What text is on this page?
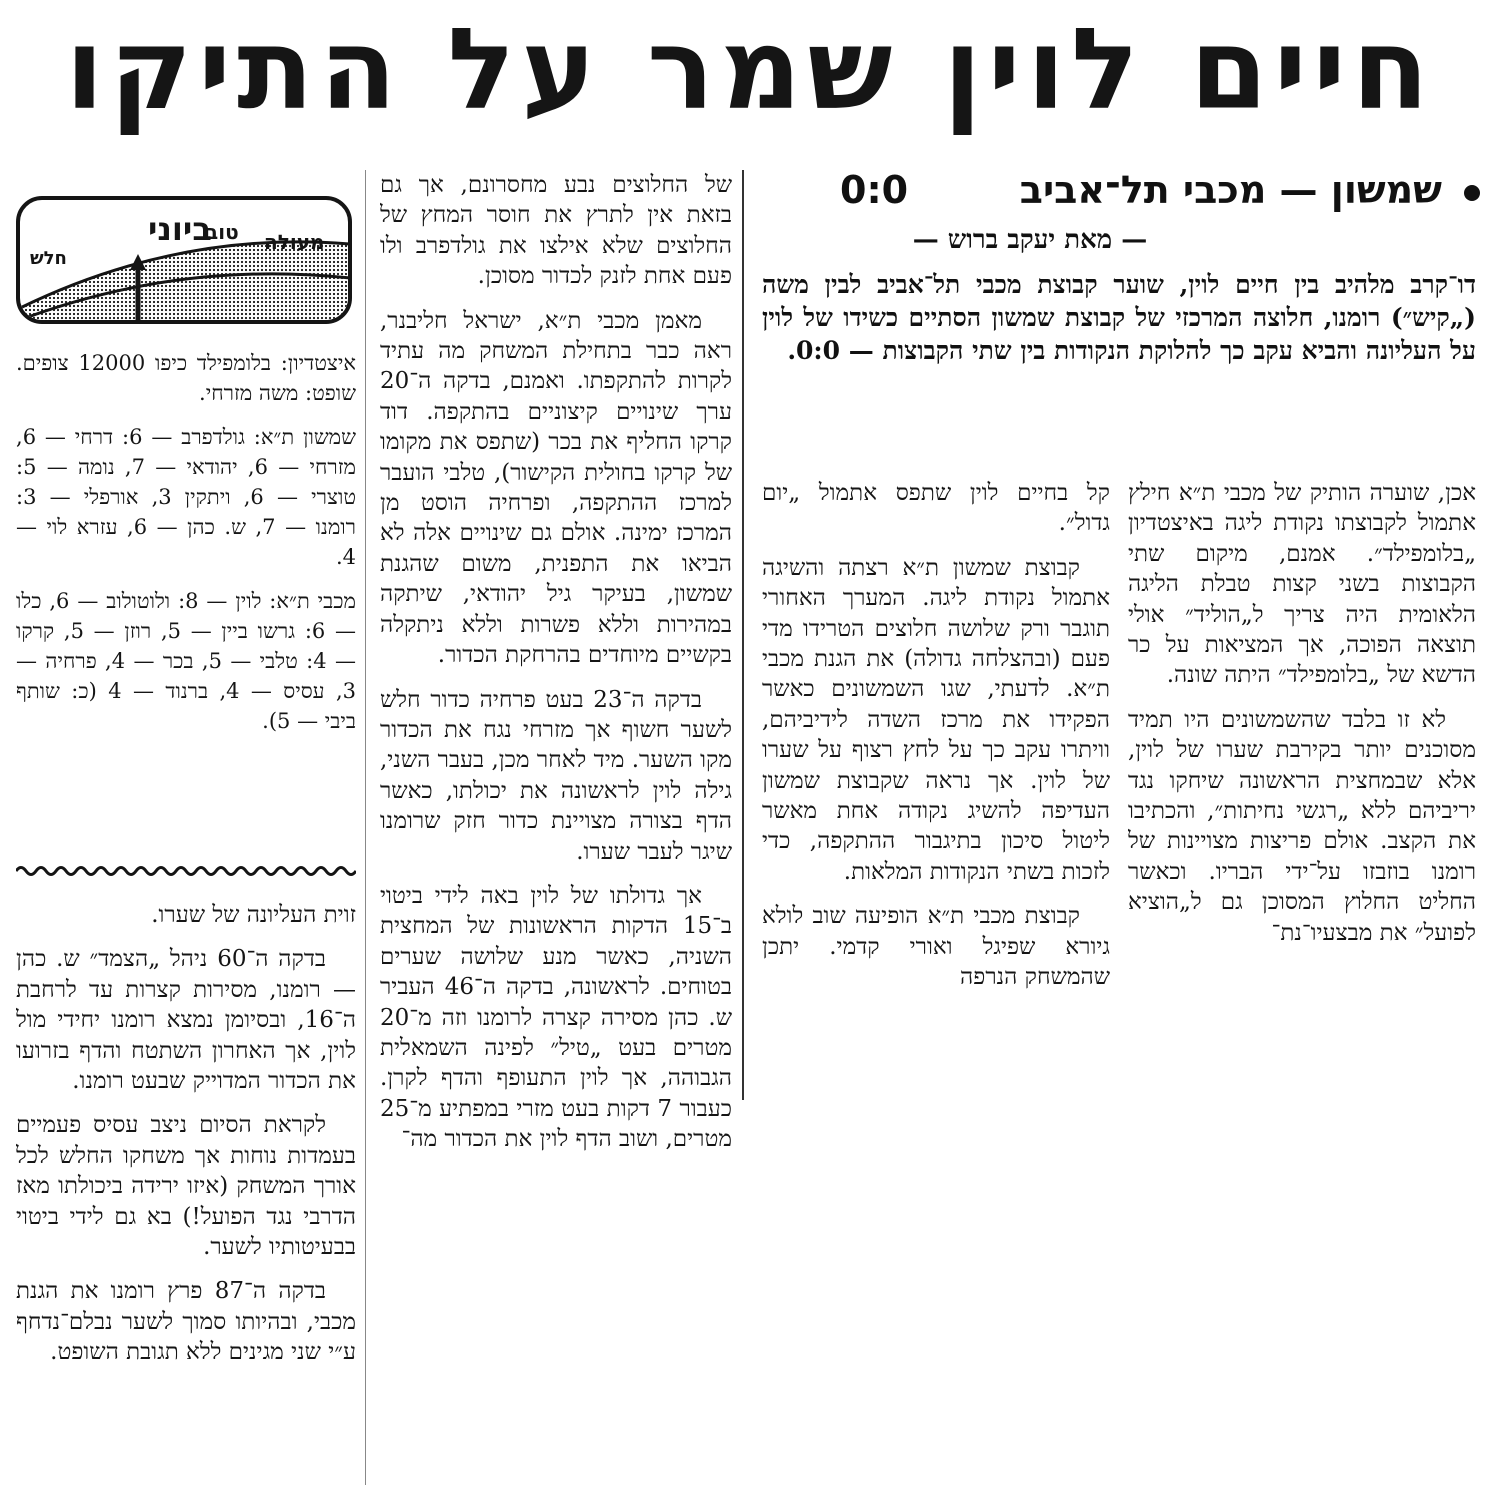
חיים לוין שמר על התיקו
שמשון — מכבי תל־אביב
0:0
— מאת יעקב ברוש —
דו־קרב מלהיב בין חיים לוין, שוער קבוצת מכבי תל־אביב לבין משה („קיש״) רומנו, חלוצה המרכזי של קבוצת שמשון הסתיים כשידו של לוין על העליונה והביא עקב כך להלוקת הנקודות בין שתי הקבוצות — 0:0.

אכן, שוערה הותיק של מכבי ת״א חילץ אתמול לקבוצתו נקודת ליגה באיצטדיון „בלומפילד״. אמנם, מיקום שתי הקבוצות בשני קצות טבלת הליגה הלאומית היה צריך ל„הוליד״ אולי תוצאה הפוכה, אך המציאות על כר הדשא של „בלומפילד״ היתה שונה.

לא זו בלבד שהשמשונים היו תמיד מסוכנים יותר בקירבת שערו של לוין, אלא שבמחצית הראשונה שיחקו נגד יריביהם ללא „רגשי נחיתות״, והכתיבו את הקצב. אולם פריצות מצויינות של רומנו בוזבזו על־ידי הבריו. וכאשר החליט החלוץ המסוכן גם ל„הוציא לפועל״ את מבצעיו־נת־

קל בחיים לוין שתפס אתמול „יום גדול״.

קבוצת שמשון ת״א רצתה והשיגה אתמול נקודת ליגה. המערך האחורי תוגבר ורק שלושה חלוצים הטרידו מדי פעם (ובהצלחה גדולה) את הגנת מכבי ת״א. לדעתי, שגו השמשונים כאשר הפקידו את מרכז השדה לידיביהם, וויתרו עקב כך על לחץ רצוף על שערו של לוין. אך נראה שקבוצת שמשון העדיפה להשיג נקודה אחת מאשר ליטול סיכון בתיגבור ההתקפה, כדי לזכות בשתי הנקודות המלאות.

קבוצת מכבי ת״א הופיעה שוב לולא גיורא שפיגל ואורי קדמי. יתכן שהמשחק הנרפה

של החלוצים נבע מחסרונם, אך גם בזאת אין לתרץ את חוסר המחץ של החלוצים שלא אילצו את גולדפרב ולו פעם אחת לזנק לכדור מסוכן.

מאמן מכבי ת״א, ישראל חליבנר, ראה כבר בתחילת המשחק מה עתיד לקרות להתקפתו. ואמנם, בדקה ה־20 ערך שינויים קיצוניים בהתקפה. דוד קרקו החליף את בכר (שתפס את מקומו של קרקו בחולית הקישור), טלבי הועבר למרכז ההתקפה, ופרחיה הוסט מן המרכז ימינה. אולם גם שינויים אלה לא הביאו את התפנית, משום שהגנת שמשון, בעיקר גיל יהודאי, שיתקה במהירות וללא פשרות וללא ניתקלה בקשיים מיוחדים בהרחקת הכדור.

בדקה ה־23 בעט פרחיה כדור חלש לשער חשוף אך מזרחי נגח את הכדור מקו השער. מיד לאחר מכן, בעבר השני, גילה לוין לראשונה את יכולתו, כאשר הדף בצורה מצויינת כדור חזק שרומנו שיגר לעבר שערו.

אך גדולתו של לוין באה לידי ביטוי ב־15 הדקות הראשונות של המחצית השניה, כאשר מנע שלושה שערים בטוחים. לראשונה, בדקה ה־46 העביר ש. כהן מסירה קצרה לרומנו וזה מ־20 מטרים בעט „טיל״ לפינה השמאלית הגבוהה, אך לוין התעופף והדף לקרן. כעבור 7 דקות בעט מזרי במפתיע מ־25 מטרים, ושוב הדף לוין את הכדור מה־

ביוני
טוב מעולה
חלש

איצטדיון: בלומפילד כיפו 12000 צופים. שופט: משה מזרחי.

שמשון ת״א: גולדפרב — 6: דרחי — 6, מזרחי — 6, יהודאי — 7, נומה — 5: טוצרי — 6, ויתקין 3, אורפלי — 3: רומנו — 7, ש. כהן — 6, עזרא לוי — 4.

מכבי ת״א: לוין — 8: ולוטולוב — 6, כלו — 6: גרשו ביין — 5, רוזן — 5, קרקו — 4: טלבי — 5, בכר — 4, פרחיה — 3, עסיס — 4, ברנוד — 4 (כ: שותף ביבי — 5).

זוית העליונה של שערו.

בדקה ה־60 ניהל „הצמד״ ש. כהן — רומנו, מסירות קצרות עד לרחבת ה־16, ובסיומן נמצא רומנו יחידי מול לוין, אך האחרון השתטח והדף בזרועו את הכדור המדוייק שבעט רומנו.

לקראת הסיום ניצב עסיס פעמיים בעמדות נוחות אך משחקו החלש לכל אורך המשחק (איזו ירידה ביכולתו מאז הדרבי נגד הפועל!) בא גם לידי ביטוי בבעיטותיו לשער.

בדקה ה־87 פרץ רומנו את הגנת מכבי, ובהיותו סמוך לשער נבלם־נדחף ע״י שני מגינים ללא תגובת השופט.
